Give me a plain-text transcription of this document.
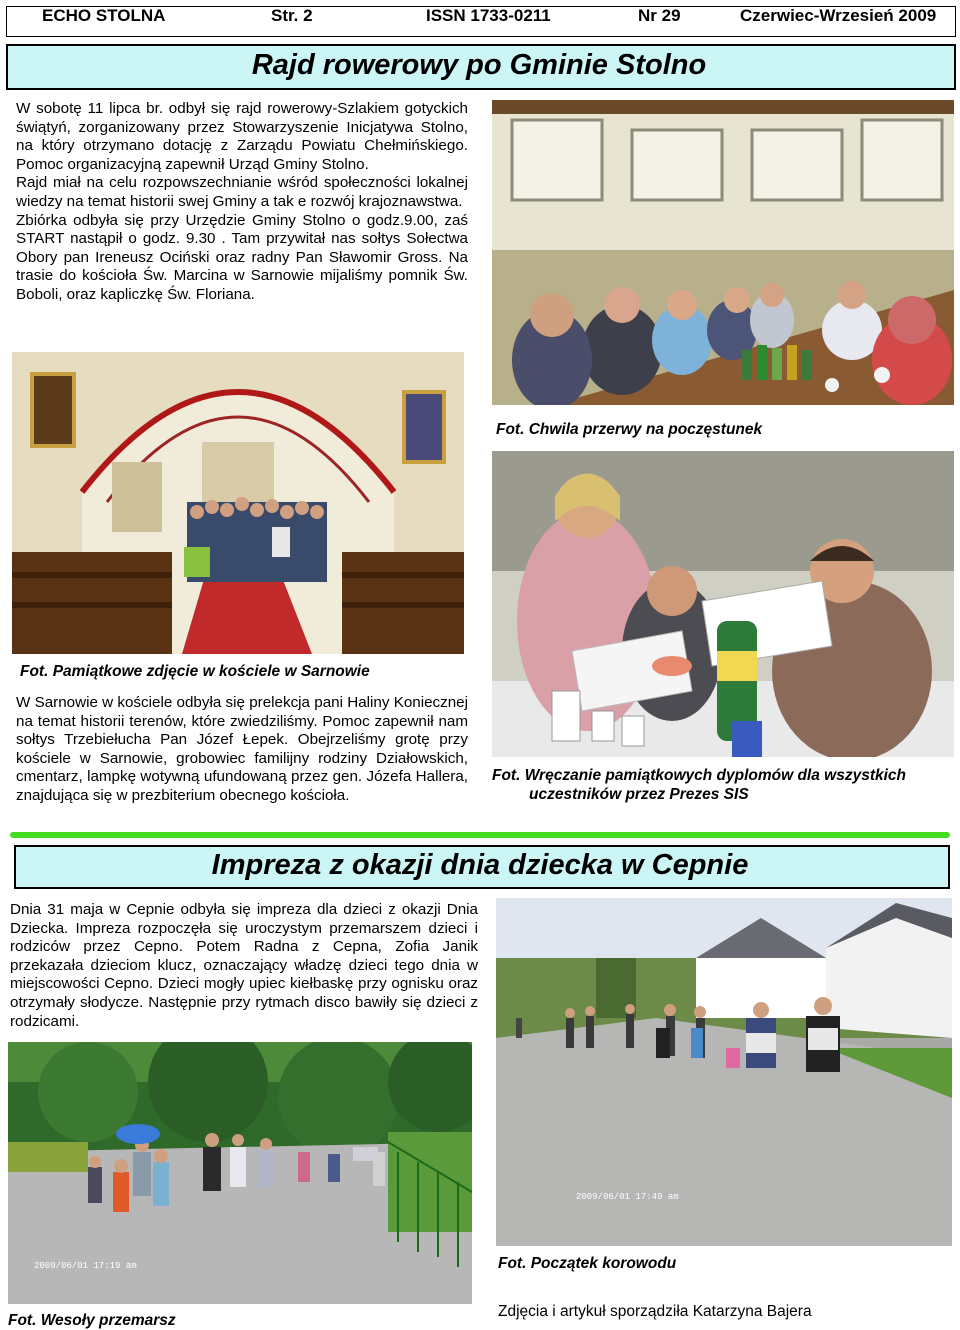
ECHO STOLNA	Str. 2	ISSN 1733-0211	Nr 29	Czerwiec-Wrzesień 2009
Rajd rowerowy po Gminie Stolno

W sobotę 11 lipca br. odbył się rajd rowerowy-Szlakiem gotyckich świątyń, zorganizowany przez Stowarzyszenie Inicjatywa Stolno, na który otrzymano dotację z Zarządu Powiatu Chełmińskiego. Pomoc organizacyjną zapewnił Urząd Gminy Stolno.

Rajd miał na celu rozpowszechnianie wśród społeczności lokalnej wiedzy na temat historii swej Gminy a tak e rozwój krajoznawstwa.

Zbiórka odbyła się przy Urzędzie Gminy Stolno o godz.9.00, zaś START nastąpił o godz. 9.30 . Tam przywitał nas sołtys Sołectwa Obory pan Ireneusz Ociński oraz radny Pan Sławomir Gross. Na trasie do kościoła Św. Marcina w Sarnowie mijaliśmy pomnik Św. Boboli, oraz kapliczkę Św. Floriana.

Fot. Chwila przerwy na poczęstunek
Fot. Pamiątkowe zdjęcie w kościele w Sarnowie

W Sarnowie w kościele odbyła się prelekcja pani Haliny Koniecznej na temat historii terenów, które zwiedziliśmy. Pomoc zapewnił nam sołtys Trzebiełucha Pan Józef Łepek. Obejrzeliśmy grotę przy kościele w Sarnowie, grobowiec familijny rodziny Działowskich, cmentarz, lampkę wotywną ufundowaną przez gen. Józefa Hallera, znajdująca się w prezbiterium obecnego kościoła.

Fot. Wręczanie pamiątkowych dyplomów dla wszystkich
uczestników przez Prezes SIS
Impreza z okazji dnia dziecka w Cepnie

Dnia 31 maja w Cepnie odbyła się impreza dla dzieci z okazji Dnia Dziecka. Impreza rozpoczęła się uroczystym przemarszem dzieci i rodziców przez Cepno. Potem Radna z Cepna, Zofia Janik przekazała dzieciom klucz, oznaczający władzę dzieci tego dnia w miejscowości Cepno. Dzieci mogły upiec kiełbaskę przy ognisku oraz otrzymały słodycze. Następnie przy rytmach disco bawiły się dzieci z rodzicami.

2009/06/01 17:49 am
Fot. Początek korowodu
2009/06/01 17:19 am
Fot. Wesoły przemarsz
Zdjęcia i artykuł sporządziła Katarzyna Bajera
